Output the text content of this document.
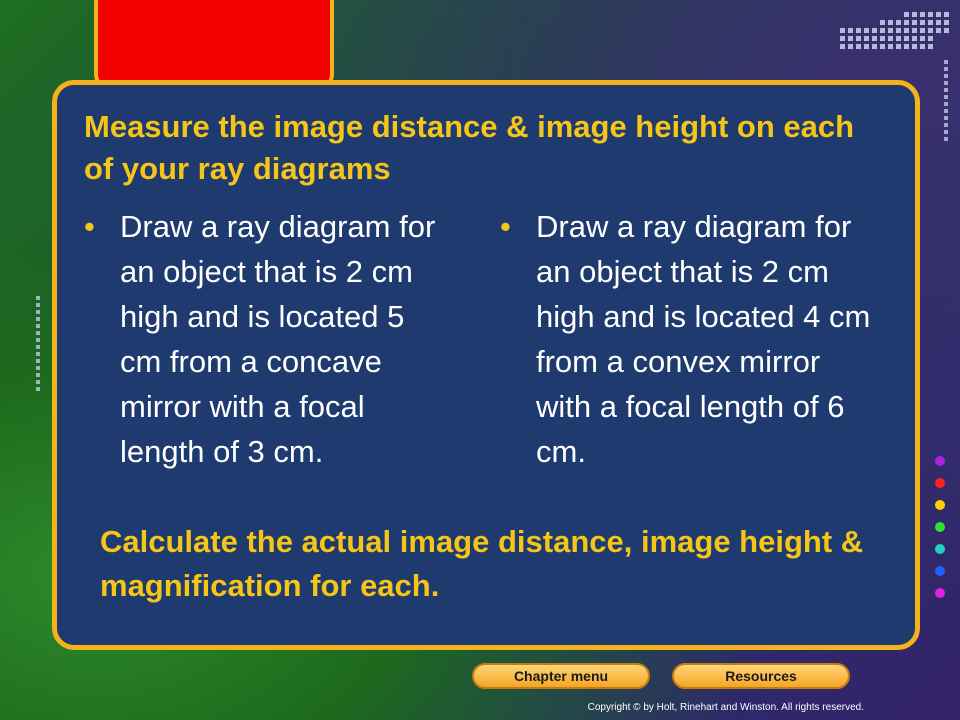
Measure the image distance & image height on each of your ray diagrams
• Draw a ray diagram for an object that is 2 cm high and is located 5 cm from a concave mirror with a focal length of 3 cm.
• Draw a ray diagram for an object that is 2 cm high and is located 4 cm from a convex mirror with a focal length of 6 cm.
Calculate the actual image distance, image height & magnification for each.
Chapter menu	Resources
Copyright © by Holt, Rinehart and Winston. All rights reserved.
